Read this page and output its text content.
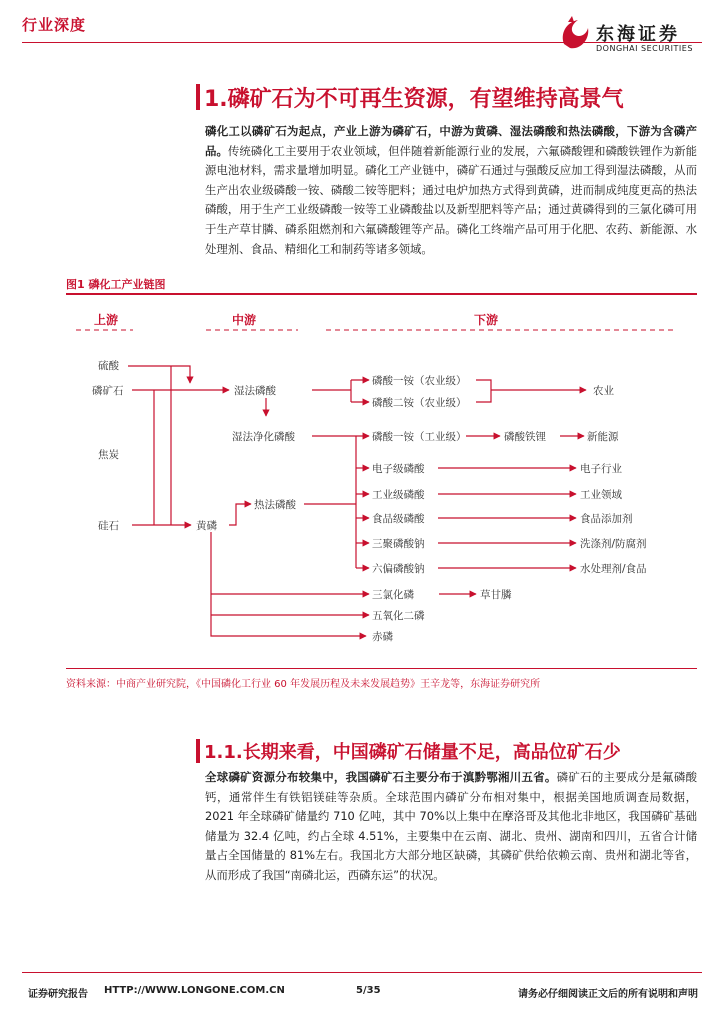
行业深度	东海证券
DONGHAI SECURITIES
1.磷矿石为不可再生资源，有望维持高景气

磷化工以磷矿石为起点，产业上游为磷矿石，中游为黄磷、湿法磷酸和热法磷酸，下游为含磷产品。传统磷化工主要用于农业领域，但伴随着新能源行业的发展，六氟磷酸锂和磷酸铁锂作为新能源电池材料，需求量增加明显。磷化工产业链中，磷矿石通过与强酸反应加工得到湿法磷酸，从而生产出农业级磷酸一铵、磷酸二铵等肥料；通过电炉加热方式得到黄磷，进而制成纯度更高的热法磷酸，用于生产工业级磷酸一铵等工业磷酸盐以及新型肥料等产品；通过黄磷得到的三氯化磷可用于生产草甘膦、磷系阻燃剂和六氟磷酸锂等产品。磷化工终端产品可用于化肥、农药、新能源、水处理剂、食品、精细化工和制药等诸多领域。

图1 磷化工产业链图
上游	中游	下游
硫酸
磷矿石
焦炭
硅石
湿法磷酸
湿法净化磷酸
热法磷酸
黄磷
磷酸一铵（农业级）
磷酸二铵（农业级）
磷酸一铵（工业级）	磷酸铁锂
电子级磷酸
工业级磷酸
食品级磷酸
三聚磷酸钠
六偏磷酸钠
三氯化磷	草甘膦
五氧化二磷
赤磷
农业
新能源
电子行业
工业领域
食品添加剂
洗涤剂/防腐剂
水处理剂/食品
资料来源：中商产业研究院，《中国磷化工行业 60 年发展历程及未来发展趋势》王辛龙等，东海证券研究所
1.1.长期来看，中国磷矿石储量不足，高品位矿石少

全球磷矿资源分布较集中，我国磷矿石主要分布于滇黔鄂湘川五省。磷矿石的主要成分是氟磷酸钙，通常伴生有铁铝镁硅等杂质。全球范围内磷矿分布相对集中，根据美国地质调查局数据，2021 年全球磷矿储量约 710 亿吨，其中 70%以上集中在摩洛哥及其他北非地区，我国磷矿基础储量为 32.4 亿吨，约占全球 4.51%，主要集中在云南、湖北、贵州、湖南和四川，五省合计储量占全国储量的 81%左右。我国北方大部分地区缺磷，其磷矿供给依赖云南、贵州和湖北等省，从而形成了我国“南磷北运，西磷东运”的状况。

证券研究报告 HTTP://WWW.LONGONE.COM.CN	5/35	请务必仔细阅读正文后的所有说明和声明
